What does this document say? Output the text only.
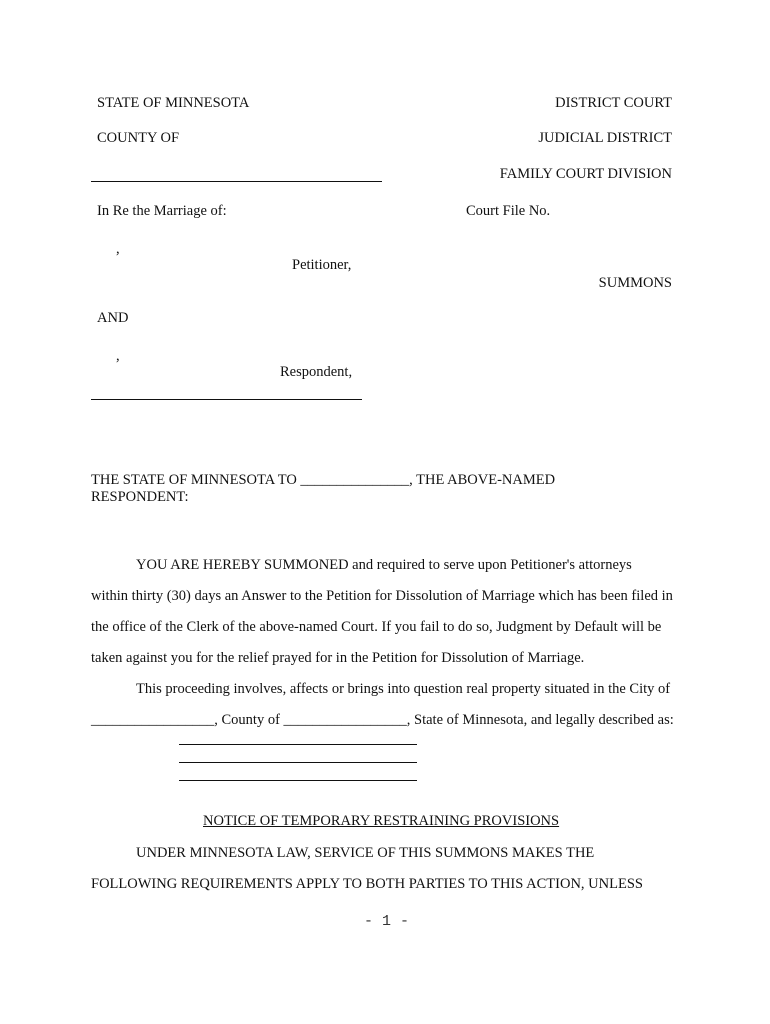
STATE OF MINNESOTA
COUNTY OF
In Re the Marriage of:
,
Petitioner,
AND
,
Respondent,
DISTRICT COURT
JUDICIAL DISTRICT
FAMILY COURT DIVISION
Court File No.
SUMMONS
THE STATE OF MINNESOTA TO _______________, THE ABOVE-NAMED
RESPONDENT:
YOU ARE HEREBY SUMMONED and required to serve upon Petitioner's attorneys
within thirty (30) days an Answer to the Petition for Dissolution of Marriage which has been filed in
the office of the Clerk of the above-named Court. If you fail to do so, Judgment by Default will be
taken against you for the relief prayed for in the Petition for Dissolution of Marriage.
This proceeding involves, affects or brings into question real property situated in the City of
_________________, County of _________________, State of Minnesota, and legally described as:
NOTICE OF TEMPORARY RESTRAINING PROVISIONS
UNDER MINNESOTA LAW, SERVICE OF THIS SUMMONS MAKES THE
FOLLOWING REQUIREMENTS APPLY TO BOTH PARTIES TO THIS ACTION, UNLESS
- 1 -
